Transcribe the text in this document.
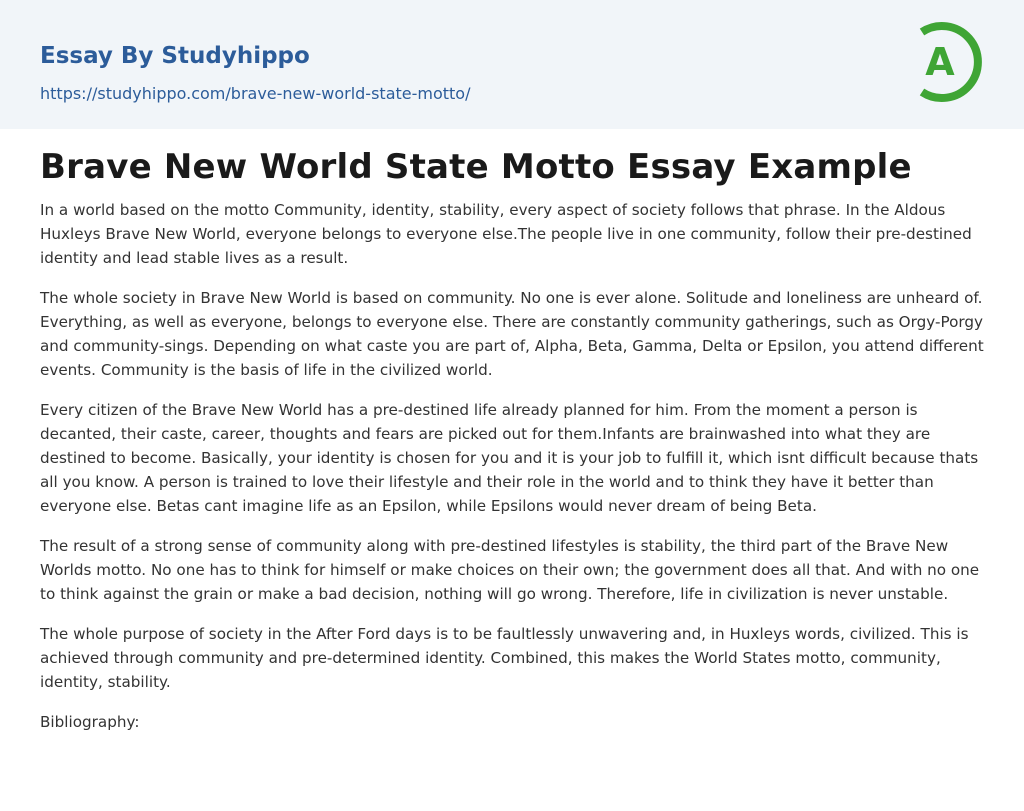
Essay By Studyhippo
https://studyhippo.com/brave-new-world-state-motto/
A
Brave New World State Motto Essay Example

In a world based on the motto Community, identity, stability, every aspect of society follows that phrase. In the Aldous Huxleys Brave New World, everyone belongs to everyone else.The people live in one community, follow their pre-destined identity and lead stable lives as a result.

The whole society in Brave New World is based on community. No one is ever alone. Solitude and loneliness are unheard of. Everything, as well as everyone, belongs to everyone else. There are constantly community gatherings, such as Orgy-Porgy and community-sings. Depending on what caste you are part of, Alpha, Beta, Gamma, Delta or Epsilon, you attend different events. Community is the basis of life in the civilized world.

Every citizen of the Brave New World has a pre-destined life already planned for him. From the moment a person is decanted, their caste, career, thoughts and fears are picked out for them.Infants are brainwashed into what they are destined to become. Basically, your identity is chosen for you and it is your job to fulfill it, which isnt difficult because thats all you know. A person is trained to love their lifestyle and their role in the world and to think they have it better than everyone else. Betas cant imagine life as an Epsilon, while Epsilons would never dream of being Beta.

The result of a strong sense of community along with pre-destined lifestyles is stability, the third part of the Brave New Worlds motto. No one has to think for himself or make choices on their own; the government does all that. And with no one to think against the grain or make a bad decision, nothing will go wrong. Therefore, life in civilization is never unstable.

The whole purpose of society in the After Ford days is to be faultlessly unwavering and, in Huxleys words, civilized. This is achieved through community and pre-determined identity. Combined, this makes the World States motto, community, identity, stability.

Bibliography:
